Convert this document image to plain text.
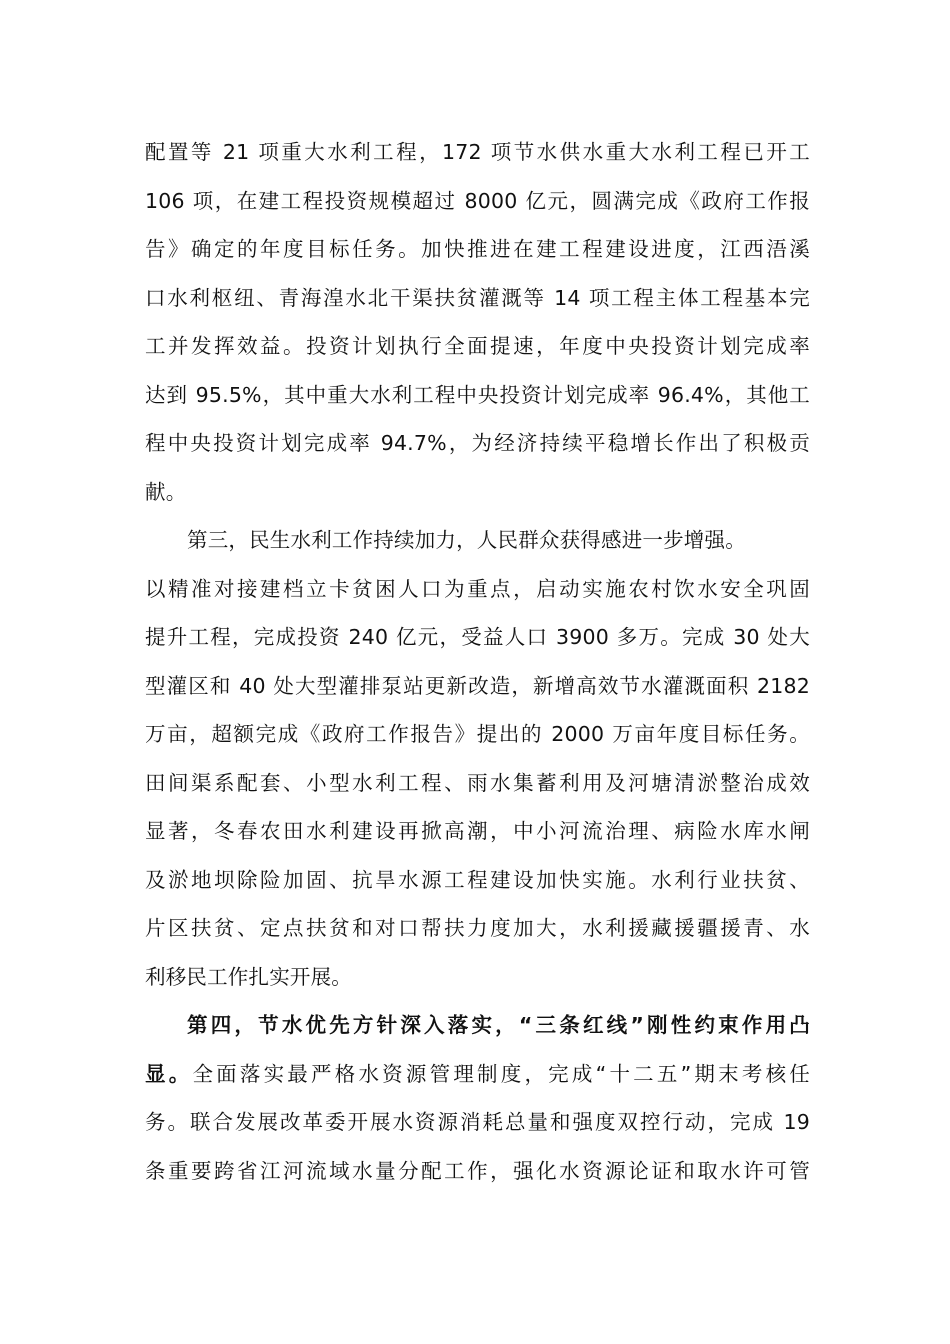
配置等 21 项重大水利工程，172 项节水供水重大水利工程已开工
106 项，在建工程投资规模超过 8000 亿元，圆满完成《政府工作报
告》确定的年度目标任务。加快推进在建工程建设进度，江西浯溪
口水利枢纽、青海湟水北干渠扶贫灌溉等 14 项工程主体工程基本完
工并发挥效益。投资计划执行全面提速，年度中央投资计划完成率
达到 95.5%，其中重大水利工程中央投资计划完成率 96.4%，其他工
程中央投资计划完成率 94.7%，为经济持续平稳增长作出了积极贡
献。
第三，民生水利工作持续加力，人民群众获得感进一步增强。
以精准对接建档立卡贫困人口为重点，启动实施农村饮水安全巩固
提升工程，完成投资 240 亿元，受益人口 3900 多万。完成 30 处大
型灌区和 40 处大型灌排泵站更新改造，新增高效节水灌溉面积 2182
万亩，超额完成《政府工作报告》提出的 2000 万亩年度目标任务。
田间渠系配套、小型水利工程、雨水集蓄利用及河塘清淤整治成效
显著，冬春农田水利建设再掀高潮，中小河流治理、病险水库水闸
及淤地坝除险加固、抗旱水源工程建设加快实施。水利行业扶贫、
片区扶贫、定点扶贫和对口帮扶力度加大，水利援藏援疆援青、水
利移民工作扎实开展。
第四，节水优先方针深入落实，“三条红线”刚性约束作用凸
显。全面落实最严格水资源管理制度，完成“十二五”期末考核任
务。联合发展改革委开展水资源消耗总量和强度双控行动，完成 19
条重要跨省江河流域水量分配工作，强化水资源论证和取水许可管
